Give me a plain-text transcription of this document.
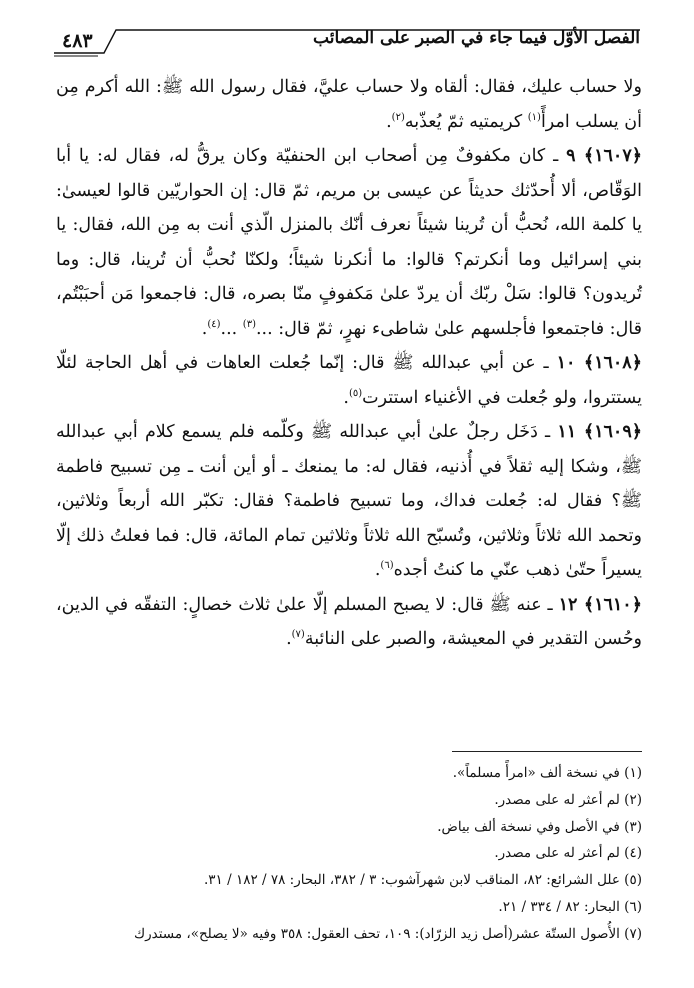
٤٨٣	الفصل الأوّل فيما جاء في الصبر على المصائب

ولا حساب عليك، فقال: ألقاه ولا حساب عليَّ، فقال رسول الله ﷺ: الله أكرم مِن أن يسلب امرأً$^{(١)}$ كريمتيه ثمّ يُعذّبه$^{(٢)}$.

﴿١٦٠٧﴾ ٩ ـ كان مكفوفٌ مِن أصحاب ابن الحنفيّة وكان يرقُّ له، فقال له: يا أبا الوَقّاص، ألا أُحدّثك حديثاً عن عيسى بن مريم، ثمّ قال: إن الحواريّين قالوا لعيسىٰ: يا كلمة الله، نُحبُّ أن تُرينا شيئاً نعرف أنّك بالمنزل الّذي أنت به مِن الله، فقال: يا بني إسرائيل وما أنكرتم؟ قالوا: ما أنكرنا شيئاً؛ ولكنّا نُحبُّ أن تُرينا، قال: وما تُريدون؟ قالوا: سَلْ ربّك أن يردّ علىٰ مَكفوفٍ منّا بصره، قال: فاجمعوا مَن أحبَبْتُم، قال: فاجتمعوا فأجلسهم علىٰ شاطىء نهرٍ، ثمّ قال: ...$^{(٣)}$ ...$^{(٤)}$.

﴿١٦٠٨﴾ ١٠ ـ عن أبي عبدالله ﷺ قال: إنّما جُعلت العاهات في أهل الحاجة لئلّا يستتروا، ولو جُعلت في الأغنياء استترت$^{(٥)}$.

﴿١٦٠٩﴾ ١١ ـ دَخَل رجلٌ علىٰ أبي عبدالله ﷺ وكلّمه فلم يسمع كلام أبي عبدالله ﷺ، وشكا إليه ثقلاً في أُذنيه، فقال له: ما يمنعك ـ أو أين أنت ـ مِن تسبيح فاطمة ﷺ؟ فقال له: جُعلت فداك، وما تسبيح فاطمة؟ فقال: تكبّر الله أربعاً وثلاثين، وتحمد الله ثلاثاً وثلاثين، وتُسبّح الله ثلاثاً وثلاثين تمام المائة، قال: فما فعلتُ ذلك إلّا يسيراً حتّىٰ ذهب عنّي ما كنتُ أجده$^{(٦)}$.

﴿١٦١٠﴾ ١٢ ـ عنه ﷺ قال: لا يصبح المسلم إلّا علىٰ ثلاث خصالٍ: التفقّه في الدين، وحُسن التقدير في المعيشة، والصبر على النائبة$^{(٧)}$.

(١) في نسخة ألف «امرأً مسلماً».
(٢) لم أعثر له على مصدر.
(٣) في الأصل وفي نسخة ألف بياض.
(٤) لم أعثر له على مصدر.
(٥) علل الشرائع: ٨٢، المناقب لابن شهرآشوب: ٣ / ٣٨٢، البحار: ٧٨ / ١٨٢ / ٣١.
(٦) البحار: ٨٢ / ٣٣٤ / ٢١.
(٧) الأُصول الستّة عشر(أصل زيد الزرّاد): ١٠٩، تحف العقول: ٣٥٨ وفيه «لا يصلح»، مستدرك
